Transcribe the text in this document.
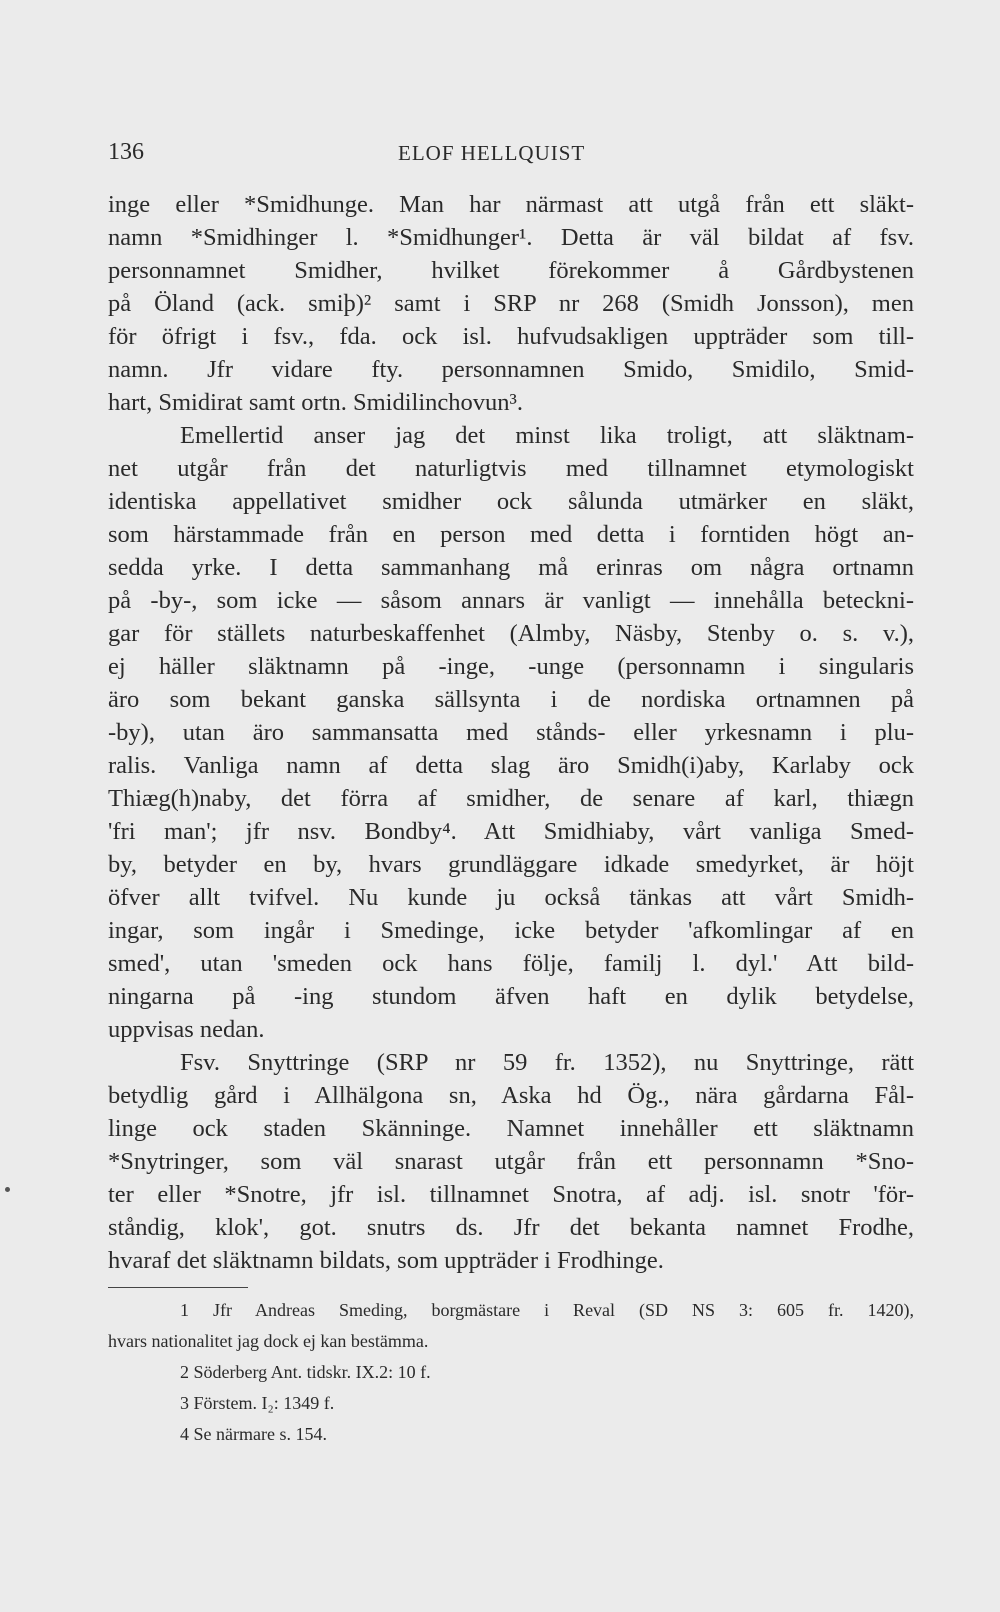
136	ELOF HELLQUIST

inge eller *Smidhunge. Man har närmast att utgå från ett släkt-
namn *Smidhinger l. *Smidhunger¹. Detta är väl bildat af fsv.
personnamnet Smidher, hvilket förekommer å Gårdbystenen
på Öland (ack. smiþ)² samt i SRP nr 268 (Smidh Jonsson), men
för öfrigt i fsv., fda. ock isl. hufvudsakligen uppträder som till-
namn. Jfr vidare fty. personnamnen Smido, Smidilo, Smid-
hart, Smidirat samt ortn. Smidilinchovun³.

Emellertid anser jag det minst lika troligt, att släktnam-
net utgår från det naturligtvis med tillnamnet etymologiskt
identiska appellativet smidher ock sålunda utmärker en släkt,
som härstammade från en person med detta i forntiden högt an-
sedda yrke. I detta sammanhang må erinras om några ortnamn
på -by-, som icke — såsom annars är vanligt — innehålla beteckni-
gar för ställets naturbeskaffenhet (Almby, Näsby, Stenby o. s. v.),
ej häller släktnamn på -inge, -unge (personnamn i singularis
äro som bekant ganska sällsynta i de nordiska ortnamnen på
-by), utan äro sammansatta med stånds- eller yrkesnamn i plu-
ralis. Vanliga namn af detta slag äro Smidh(i)aby, Karlaby ock
Thiæg(h)naby, det förra af smidher, de senare af karl, thiægn
'fri man'; jfr nsv. Bondby⁴. Att Smidhiaby, vårt vanliga Smed-
by, betyder en by, hvars grundläggare idkade smedyrket, är höjt
öfver allt tvifvel. Nu kunde ju också tänkas att vårt Smidh-
ingar, som ingår i Smedinge, icke betyder 'afkomlingar af en
smed', utan 'smeden ock hans följe, familj l. dyl.' Att bild-
ningarna på -ing stundom äfven haft en dylik betydelse,
uppvisas nedan.

Fsv. Snyttringe (SRP nr 59 fr. 1352), nu Snyttringe, rätt
betydlig gård i Allhälgona sn, Aska hd Ög., nära gårdarna Fål-
linge ock staden Skänninge. Namnet innehåller ett släktnamn
*Snytringer, som väl snarast utgår från ett personnamn *Sno-
ter eller *Snotre, jfr isl. tillnamnet Snotra, af adj. isl. snotr 'för-
ståndig, klok', got. snutrs ds. Jfr det bekanta namnet Frodhe,
hvaraf det släktnamn bildats, som uppträder i Frodhinge.

1 Jfr Andreas Smeding, borgmästare i Reval (SD NS 3: 605 fr. 1420),
hvars nationalitet jag dock ej kan bestämma.
2 Söderberg Ant. tidskr. IX.2: 10 f.
3 Förstem. I₂: 1349 f.
4 Se närmare s. 154.
